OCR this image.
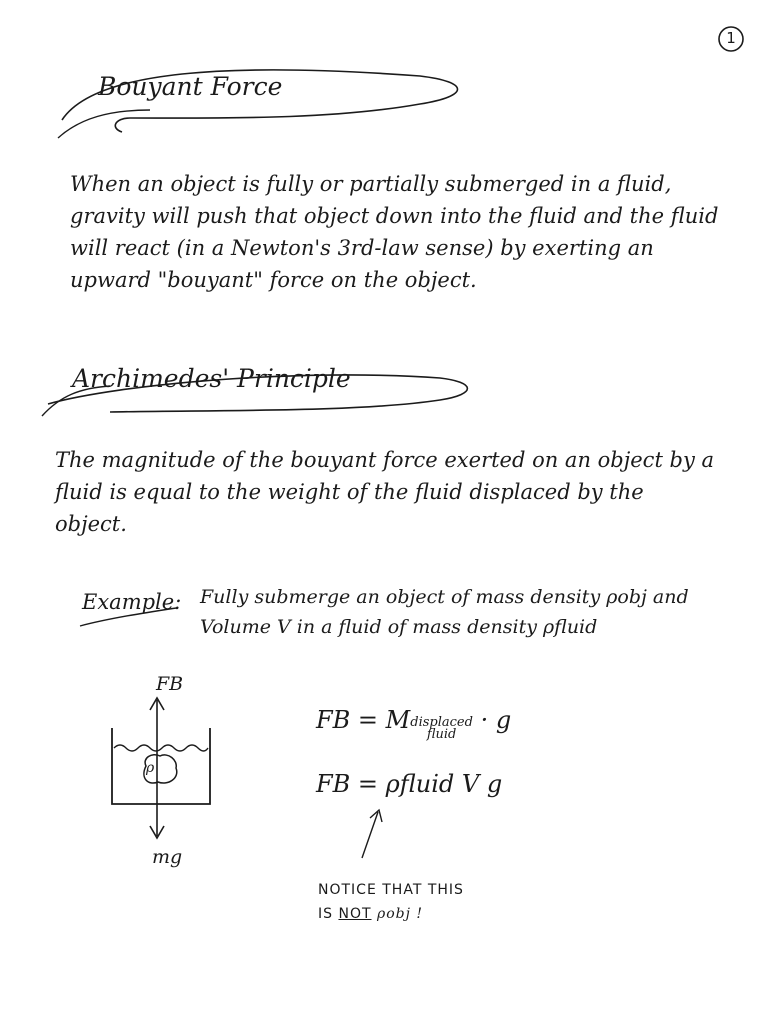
1
Bouyant Force
When an object is fully or partially submerged in a fluid, gravity will push that object down into the fluid and the fluid will react (in a Newton's 3rd-law sense) by exerting an upward "bouyant" force on the object.
Archimedes' Principle
The magnitude of the bouyant force exerted on an object by a fluid is equal to the weight of the fluid displaced by the object.
Example: Fully submerge an object of mass density ρobj and Volume V in a fluid of mass density ρfluid
FB
mg
ρ
FB = M displaced
fluid
· g
FB = ρfluid V g
NOTICE THAT THIS
IS NOT ρobj !
